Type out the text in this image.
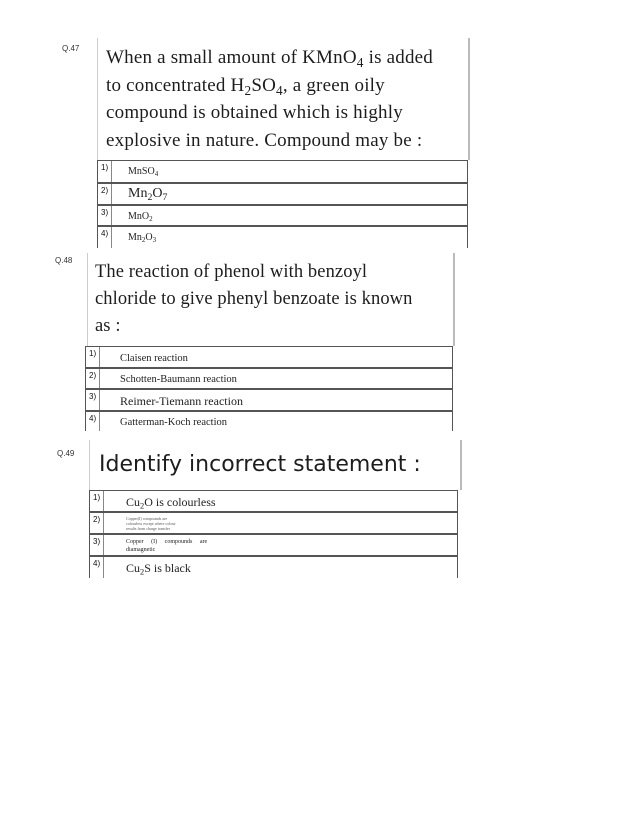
Q.47 When a small amount of KMnO$_4$ is added
to concentrated $H_2SO_4$, a green oily
compound is obtained which is highly
explosive in nature. Compound may be :
1) MnSO$_4$
2) $Mn_2O_7$
3) MnO$_2$
4) $Mn_2O_3$
Q.48
The reaction of phenol with benzoyl
chloride to give phenyl benzoate is known
as :
1) Claisen reaction
2) Schotten-Baumann reaction
3) Reimer-Tiemann reaction
4) Gatterman-Koch reaction
Q.49 Identify incorrect statement :
1) $Cu_2O$ is colourless
2)	Copper(I) compounds are colourless except where colour results from charge transfer
3)	Copper (I) compounds are diamagnetic
4) $Cu_2S$ is black
